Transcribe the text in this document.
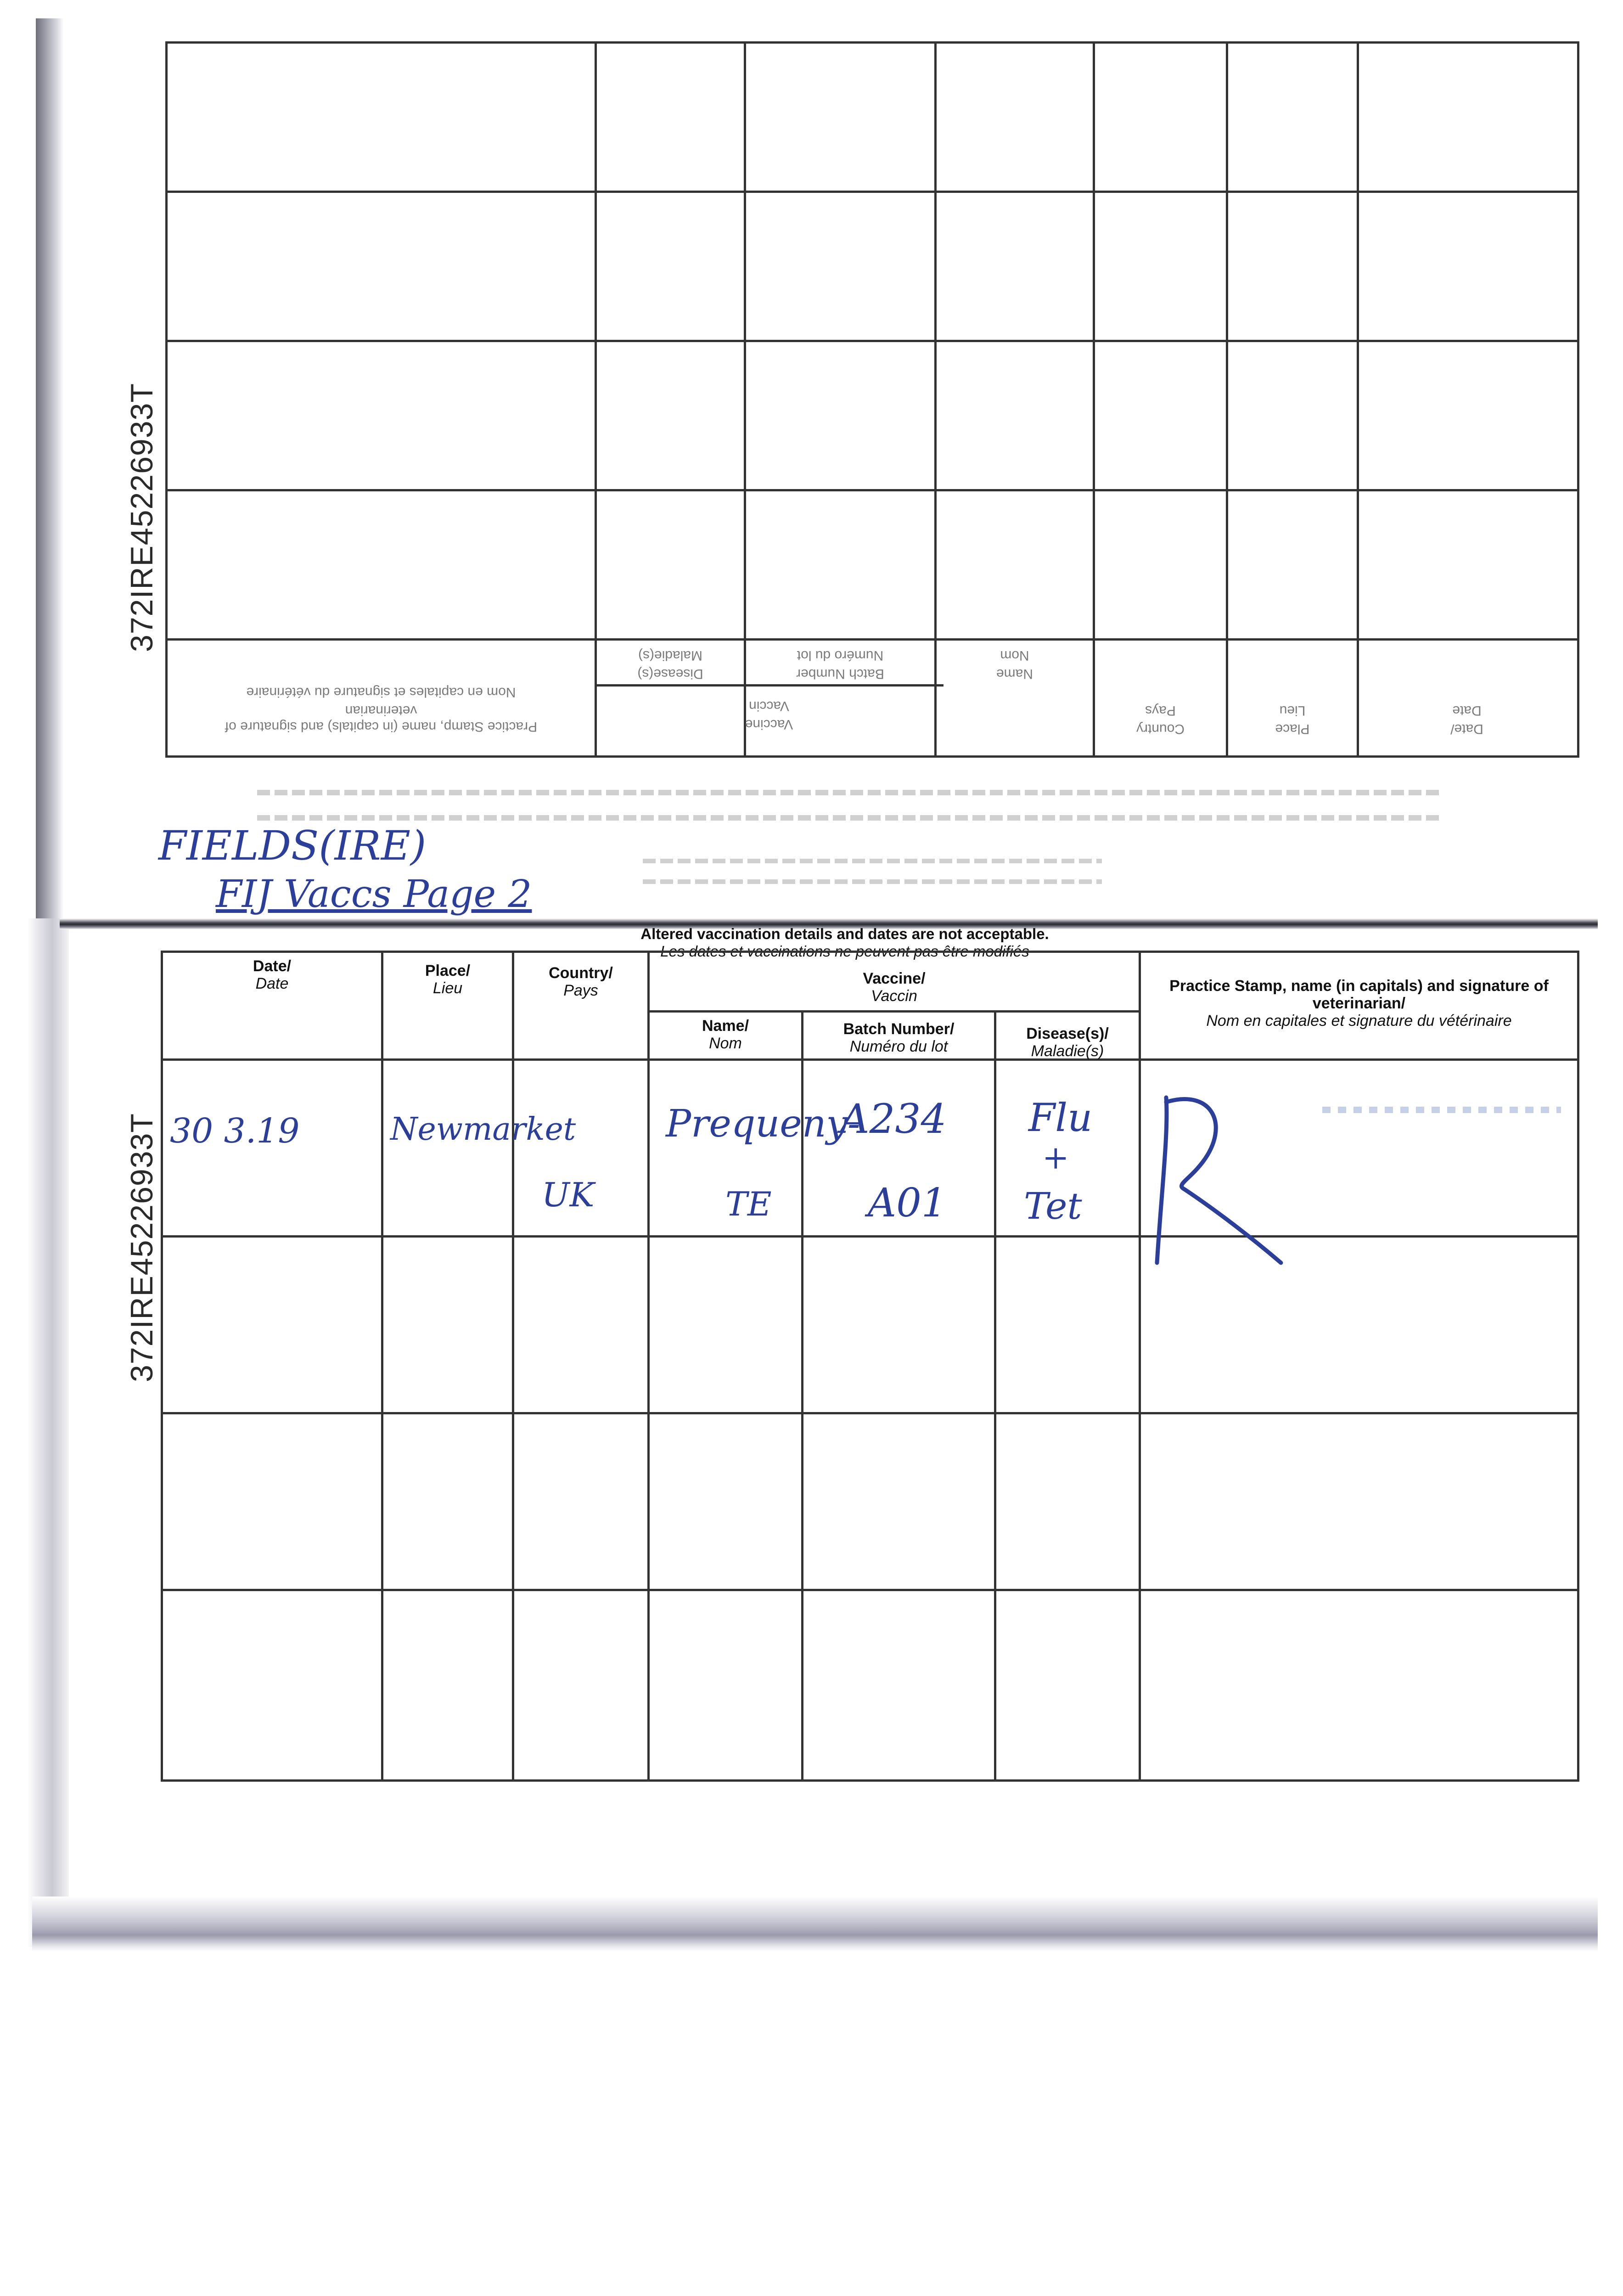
372IRE45226933T
372IRE45226933T
Practice Stamp, name (in capitals) and signature of
veterinarian
Nom en capitales et signature du vétérinaire
Disease(s)
Maladie(s)
Batch Number
Numéro du lot
Name
Nom
Vaccine
Vaccin
Country
Pays
Place
Lieu
Date/
Date
FIELDS(IRE)
FIJ Vaccs Page 2
Altered vaccination details and dates are not acceptable.
Les dates et vaccinations ne peuvent pas être modifiés
Date/
Date
Place/
Lieu
Country/
Pays
Vaccine/
Vaccin
Name/
Nom
Batch Number/
Numéro du lot
Disease(s)/
Maladie(s)
Practice Stamp, name (in capitals) and signature of veterinarian/
Nom en capitales et signature du vétérinaire
30 3.19	Newmarket
UK
Prequeny-
TE
A234
A01
Flu
+
Tet
